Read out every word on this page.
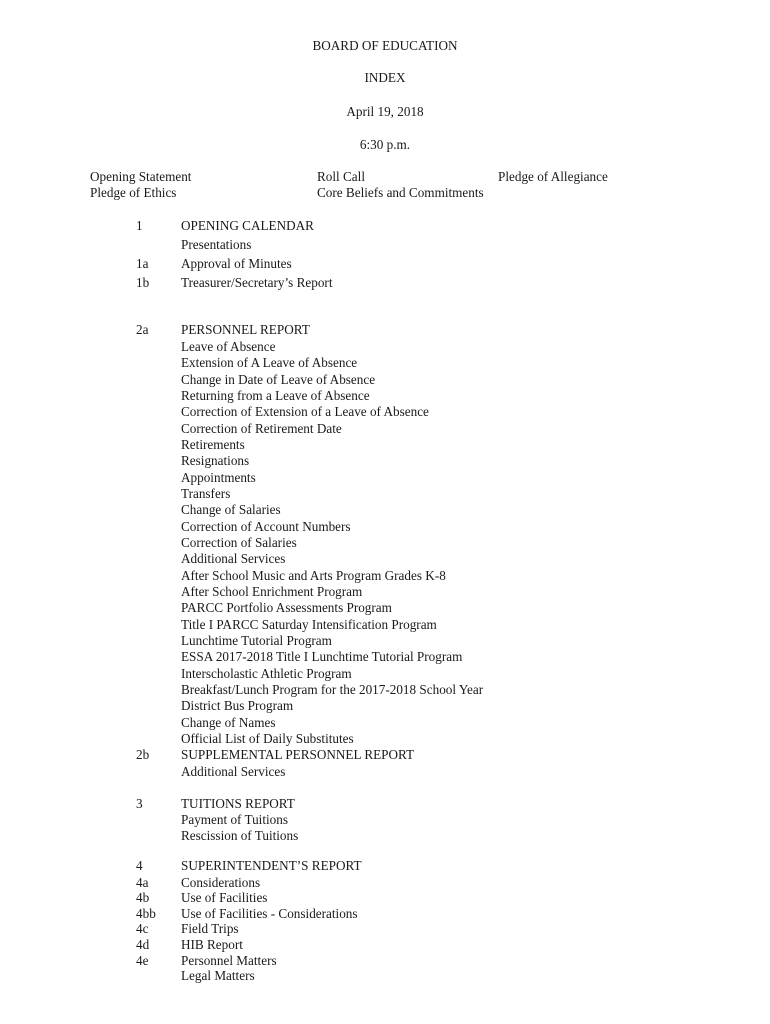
BOARD OF EDUCATION
INDEX
April 19, 2018
6:30 p.m.
Opening Statement	Roll Call	Pledge of Allegiance
Pledge of Ethics	Core Beliefs and Commitments
1	OPENING CALENDAR
Presentations
1a Approval of Minutes
1b Treasurer/Secretary’s Report
2a PERSONNEL REPORT
Leave of Absence
Extension of A Leave of Absence
Change in Date of Leave of Absence
Returning from a Leave of Absence
Correction of Extension of a Leave of Absence
Correction of Retirement Date
Retirements
Resignations
Appointments
Transfers
Change of Salaries
Correction of Account Numbers
Correction of Salaries
Additional Services
After School Music and Arts Program Grades K-8
After School Enrichment Program
PARCC Portfolio Assessments Program
Title I PARCC Saturday Intensification Program
Lunchtime Tutorial Program
ESSA 2017-2018 Title I Lunchtime Tutorial Program
Interscholastic Athletic Program
Breakfast/Lunch Program for the 2017-2018 School Year
District Bus Program
Change of Names
Official List of Daily Substitutes
2b SUPPLEMENTAL PERSONNEL REPORT
Additional Services
3	TUITIONS REPORT
Payment of Tuitions
Rescission of Tuitions
4	SUPERINTENDENT’S REPORT
4a Considerations
4b Use of Facilities
4bb Use of Facilities - Considerations
4c Field Trips
4d HIB Report
4e Personnel Matters
Legal Matters
